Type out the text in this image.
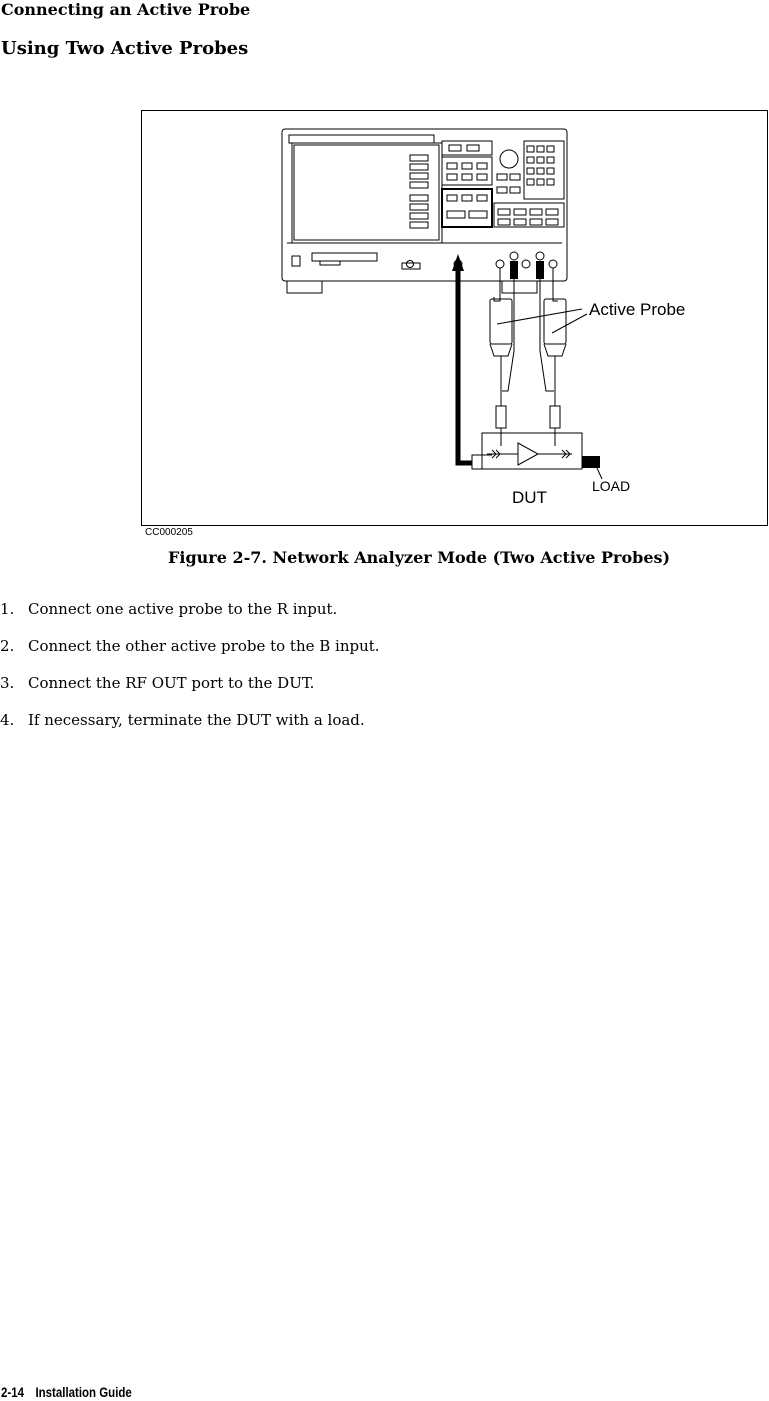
Connecting an Active Probe
Using Two Active Probes
Active Probe
DUT
LOAD
CC000205
Figure 2-7. Network Analyzer Mode (Two Active Probes)
1. Connect one active probe to the R input.
2. Connect the other active probe to the B input.
3. Connect the RF OUT port to the DUT.
4. If necessary, terminate the DUT with a load.
2-14 Installation Guide
